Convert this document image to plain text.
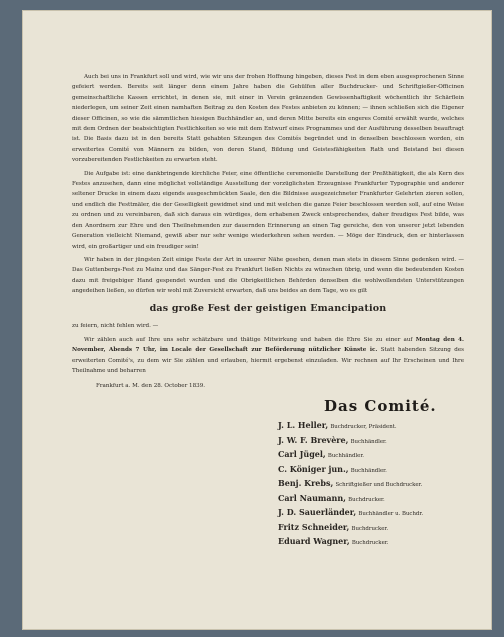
Auch bei uns in Frankfurt soll und wird, wie wir uns der frohen Hoffnung hingeben, dieses Fest in dem eben ausgesprochenen Sinne gefeiert werden. Bereits seit länger denn einem Jahre haben die Gehülfen aller Buchdrucker- und Schriftgießer-Officinen gemeinschaftliche Kassen errichtet, in denen sie, mit einer in Verein gränzenden Gewissenhaftigkeit wöchentlich ihr Schärflein niederlegen, um seiner Zeit einen namhaften Beitrag zu den Kosten des Festes anbieten zu können; — ihnen schließen sich die Eigener dieser Officinen, so wie die sämmtlichen hiesigen Buchhändler an, und deren Mitte bereits ein engeres Comité erwählt wurde, welches mit dem Ordnen der beabsichtigten Festlichkeiten so wie mit dem Entwurf eines Programmes und der Ausführung desselben beauftragt ist. Die Basis dazu ist in den bereits Statt gehabten Sitzungen des Comités begründet und in denselben beschlossen worden, ein erweitertes Comité von Männern zu bilden, von deren Stand, Bildung und Geistesfähigkeiten Rath und Beistand bei diesen vorzubereitenden Festlichkeiten zu erwarten steht.

Die Aufgabe ist: eine dankbringende kirchliche Feier, eine öffentliche ceremonielle Darstellung der Preßthätigkeit, die als Kern des Festes anzusehen, dann eine möglichst vollständige Ausstellung der vorzüglichsten Erzeugnisse Frankfurter Typographie und anderer seltener Drucke in einem dazu eigends ausgeschmückten Saale, den die Bildnisse ausgezeichneter Frankfurter Gelehrten zieren sollen, und endlich die Festtmäler, die der Geselligkeit gewidmet sind und mit welchen die ganze Feier beschlossen werden soll, auf eine Weise zu ordnen und zu vereinbaren, daß sich daraus ein würdiges, dem erhabenen Zweck entsprechendes, daher freudiges Fest bilde, was den Anordnern zur Ehre und den Theilnehmenden zur dauernden Erinnerung an einen Tag gereiche, den von unserer jetzt lebenden Generation vielleicht Niemand, gewiß aber nur sehr wenige wiederkehren sehen werden. — Möge der Eindruck, den er hinterlassen wird, ein großartiger und ein freudiger sein!

Wir haben in der jüngsten Zeit einige Feste der Art in unserer Nähe gesehen, denen man stets in diesem Sinne gedenken wird. — Das Guttenbergs-Fest zu Mainz und das Sänger-Fest zu Frankfurt ließen Nichts zu wünschen übrig, und wenn die bedeutenden Kosten dazu mit freigebiger Hand gespendet wurden und die Obrigkeitlichen Behörden denselben die wohlwollendsten Unterstützungen angedeihen ließen, so dürfen wir wohl mit Zuversicht erwarten, daß uns beides an dem Tage, wo es gilt

das große Fest der geistigen Emancipation
zu feiern, nicht fehlen wird. —

Wir zählen auch auf Ihre uns sehr schätzbare und thätige Mitwirkung und haben die Ehre Sie zu einer auf Montag den 4. November, Abends 7 Uhr, im Locale der Gesellschaft zur Beförderung nützlicher Künste ic. Statt habenden Sitzung des erweiterten Comité's, zu dem wir Sie zählen und erlauben, hiermit ergebenst einzuladen. Wir rechnen auf Ihr Erscheinen und Ihre Theilnahme und beharren

Frankfurt a. M. den 28. October 1839.
Das Comité.
J. L. Heller, Buchdrucker, Präsident.
J. W. F. Brevère, Buchhändler.
Carl Jügel, Buchhändler.
C. Königer jun., Buchhändler.
Benj. Krebs, Schriftgießer und Buchdrucker.
Carl Naumann, Buchdrucker.
J. D. Sauerländer, Buchhändler u. Buchdr.
Fritz Schneider, Buchdrucker.
Eduard Wagner, Buchdrucker.
